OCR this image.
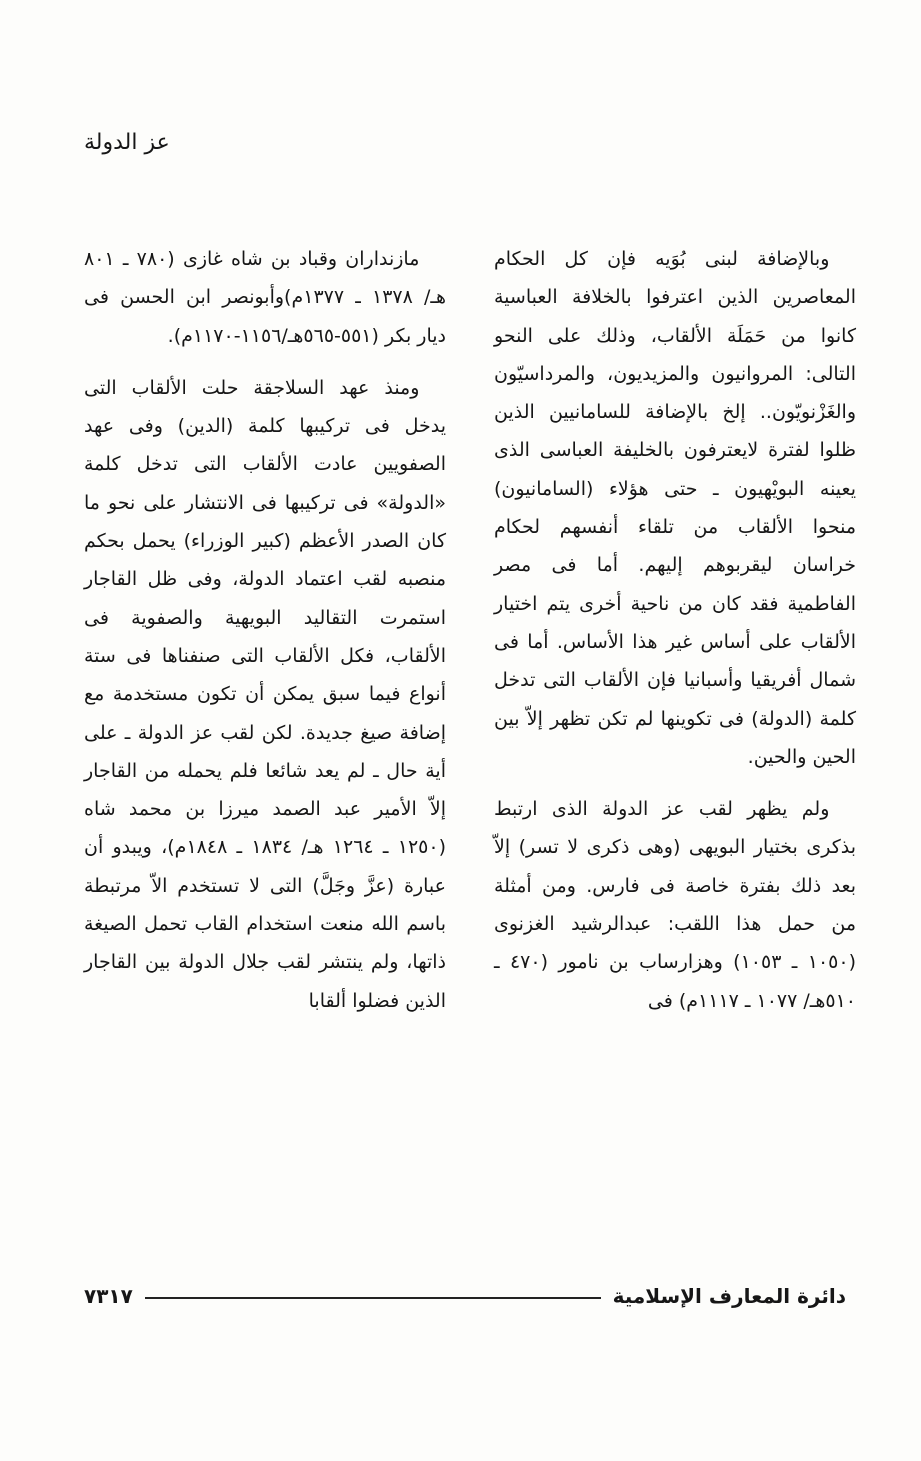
عز الدولة

وبالإضافة لبنى بُوَيه فإن كل الحكام المعاصرين الذين اعترفوا بالخلافة العباسية كانوا من حَمَلَة الألقاب، وذلك على النحو التالى: المروانيون والمزيديون، والمرداسيّون والغَزْنويّون.. إلخ بالإضافة للسامانيين الذين ظلوا لفترة لايعترفون بالخليفة العباسى الذى يعينه البويْهيون ـ حتى هؤلاء (السامانيون) منحوا الألقاب من تلقاء أنفسهم لحكام خراسان ليقربوهم إليهم. أما فى مصر الفاطمية فقد كان من ناحية أخرى يتم اختيار الألقاب على أساس غير هذا الأساس. أما فى شمال أفريقيا وأسبانيا فإن الألقاب التى تدخل كلمة (الدولة) فى تكوينها لم تكن تظهر إلاّ بين الحين والحين.

ولم يظهر لقب عز الدولة الذى ارتبط بذكرى بختيار البويهى (وهى ذكرى لا تسر) إلاّ بعد ذلك بفترة خاصة فى فارس. ومن أمثلة من حمل هذا اللقب: عبدالرشيد الغزنوى (١٠٥٠ ـ ١٠٥٣) وهزارساب بن نامور (٤٧٠ ـ ٥١٠هـ/ ١٠٧٧ ـ ١١١٧م) فى

مازنداران وقباد بن شاه غازى (٧٨٠ ـ ٨٠١ هـ/ ١٣٧٨ ـ ١٣٧٧م)وأبونصر ابن الحسن فى ديار بكر (٥٥١-٥٦٥هـ/١١٥٦-١١٧٠م).

ومنذ عهد السلاجقة حلت الألقاب التى يدخل فى تركيبها كلمة (الدين) وفى عهد الصفويين عادت الألقاب التى تدخل كلمة «الدولة» فى تركيبها فى الانتشار على نحو ما كان الصدر الأعظم (كبير الوزراء) يحمل بحكم منصبه لقب اعتماد الدولة، وفى ظل القاجار استمرت التقاليد البويهية والصفوية فى الألقاب، فكل الألقاب التى صنفناها فى ستة أنواع فيما سبق يمكن أن تكون مستخدمة مع إضافة صيغ جديدة. لكن لقب عز الدولة ـ على أية حال ـ لم يعد شائعا فلم يحمله من القاجار إلاّ الأمير عبد الصمد ميرزا بن محمد شاه (١٢٥٠ ـ ١٢٦٤ هـ/ ١٨٣٤ ـ ١٨٤٨م)، ويبدو أن عبارة (عزَّ وجَلَّ) التى لا تستخدم الاّ مرتبطة باسم الله منعت استخدام القاب تحمل الصيغة ذاتها، ولم ينتشر لقب جلال الدولة بين القاجار الذين فضلوا ألقابا

دائرة المعارف الإسلامية
٧٣١٧
